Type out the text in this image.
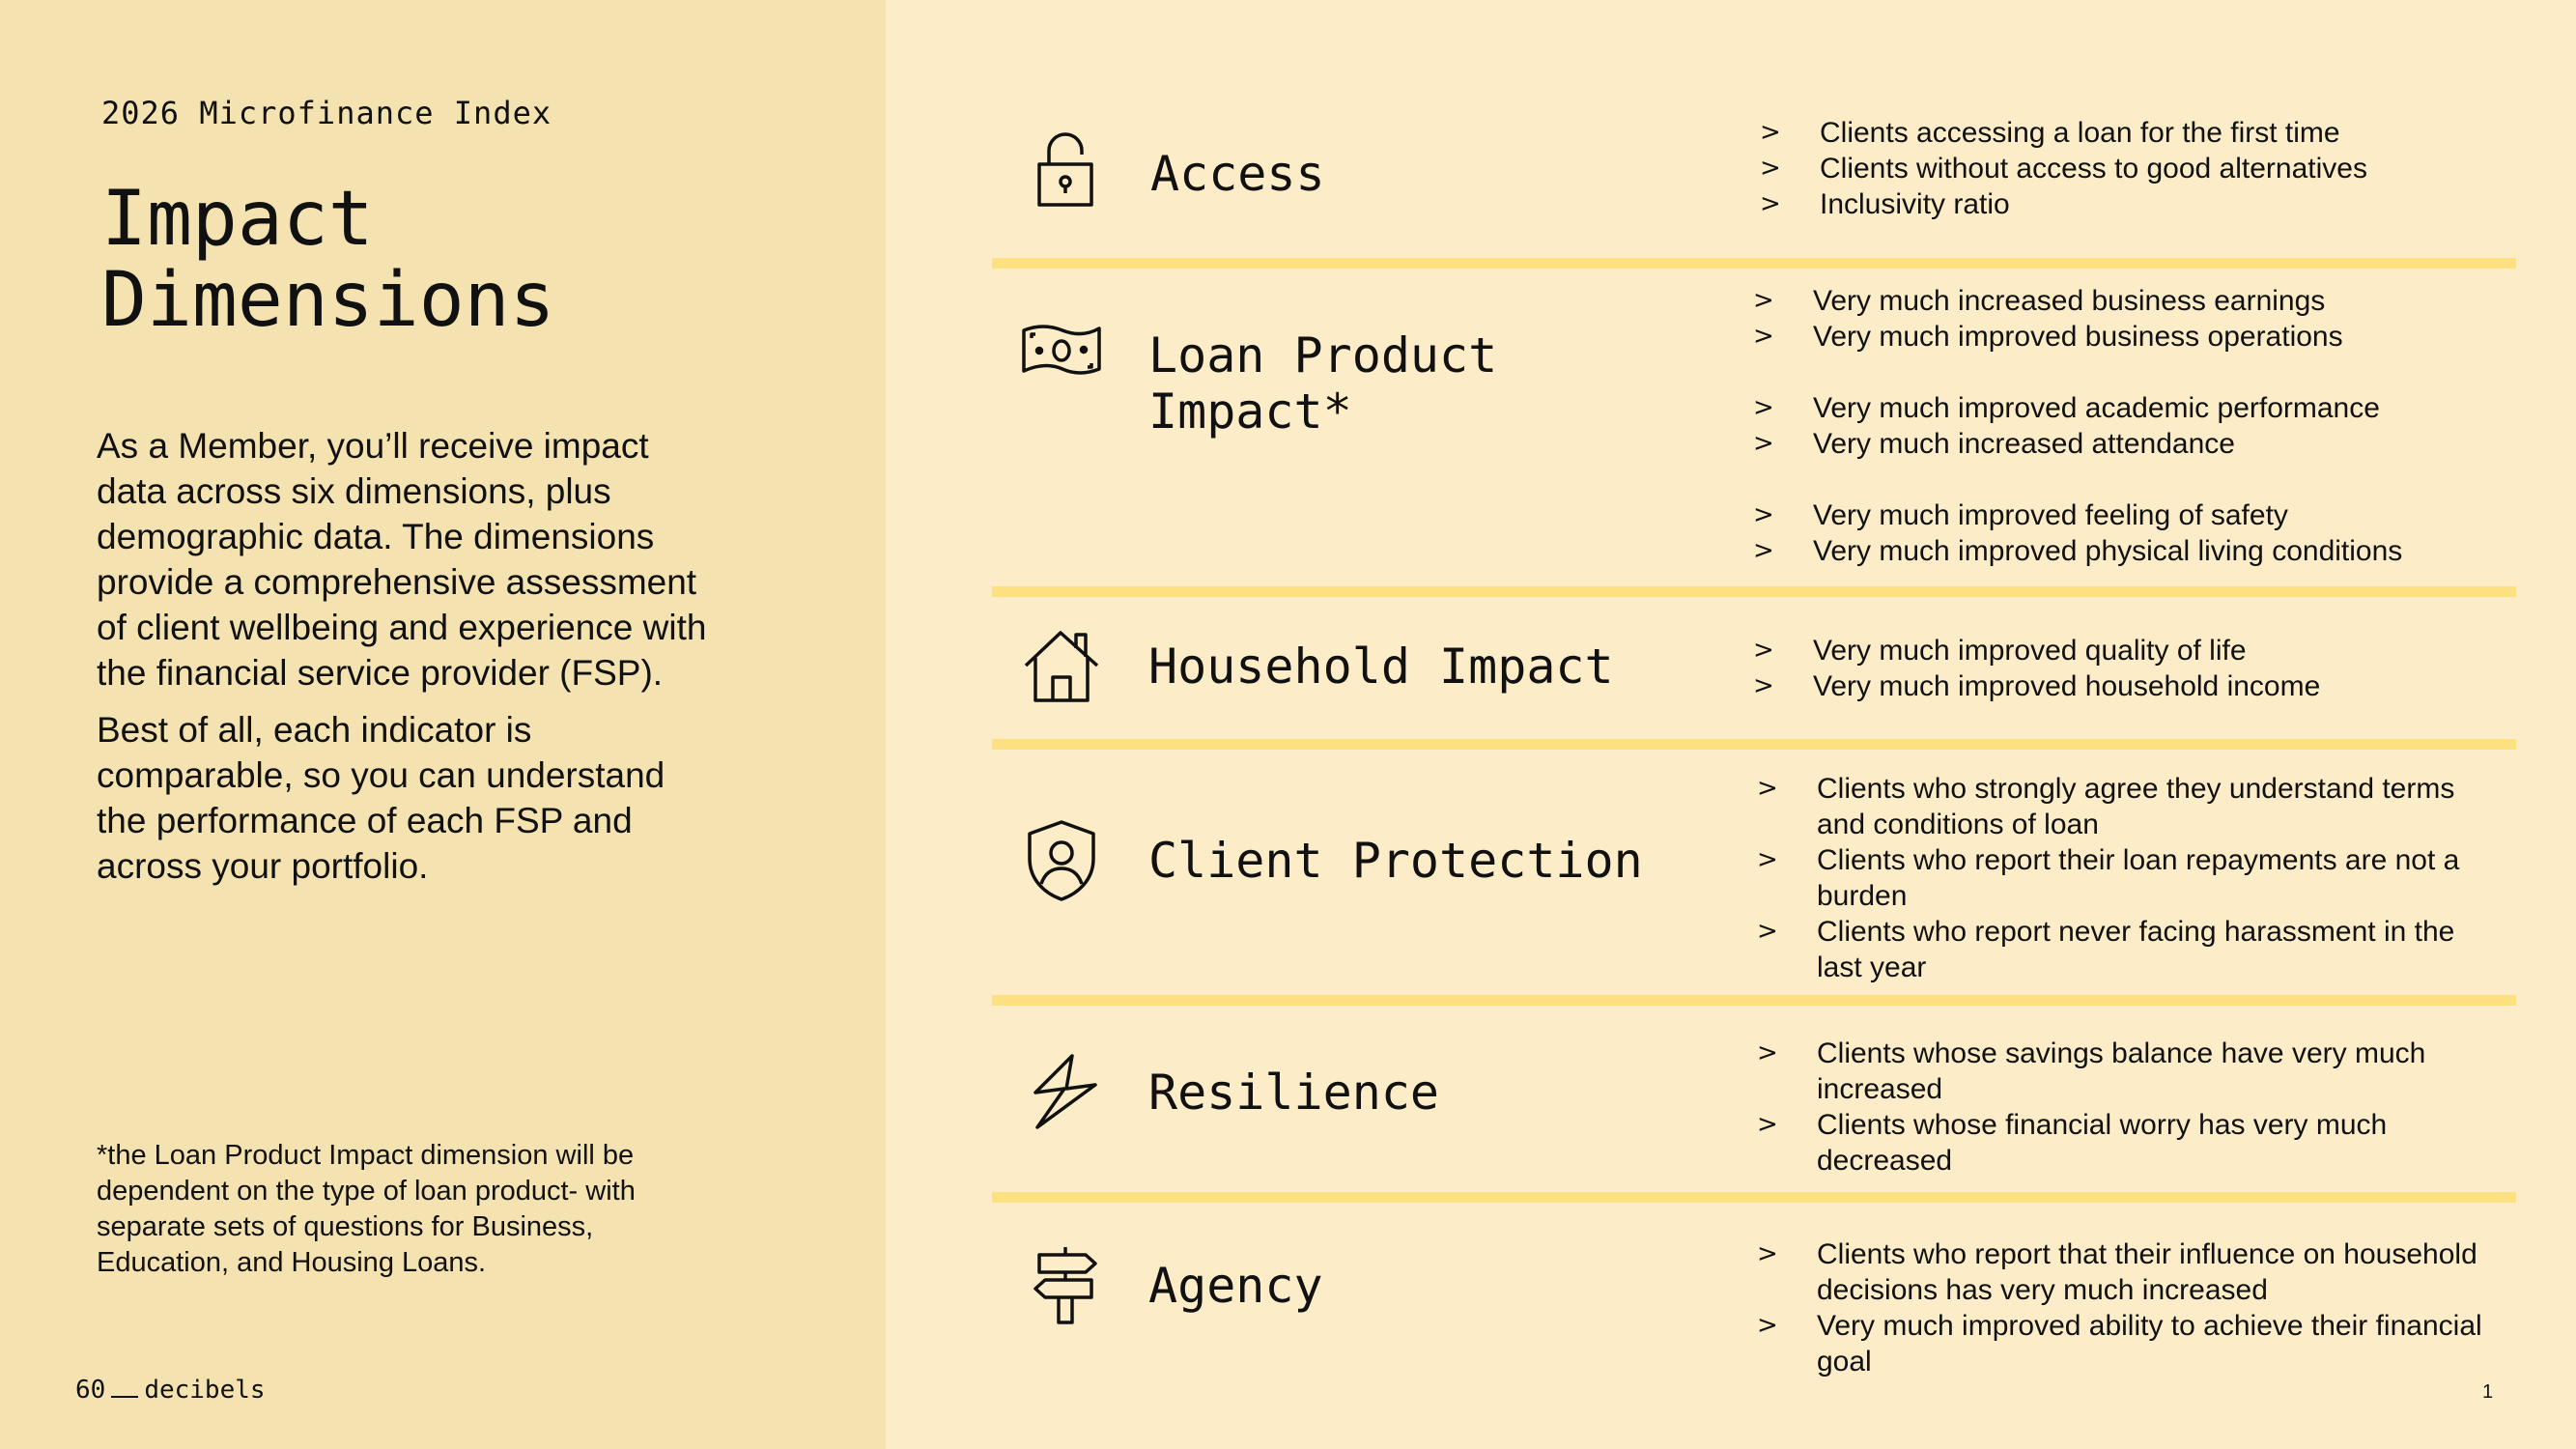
2026 Microfinance Index
Impact
Dimensions

As a Member, you’ll receive impact data across six dimensions, plus demographic data. The dimensions provide a comprehensive assessment of client wellbeing and experience with the financial service provider (FSP).

Best of all, each indicator is comparable, so you can understand the performance of each FSP and across your portfolio.

*the Loan Product Impact dimension will be dependent on the type of loan product- with separate sets of questions for Business, Education, and Housing Loans.
60 decibels	1
Access
> Clients accessing a loan for the first time
> Clients without access to good alternatives
> Inclusivity ratio
Loan Product
Impact*
> Very much increased business earnings
> Very much improved business operations
> Very much improved academic performance
> Very much increased attendance
> Very much improved feeling of safety
> Very much improved physical living conditions
Household Impact
>	Very much improved quality of life
> Very much improved household income
Client Protection
> Clients who strongly agree they understand terms and conditions of loan
> Clients who report their loan repayments are not a burden
> Clients who report never facing harassment in the last year
Resilience
> Clients whose savings balance have very much increased
> Clients whose financial worry has very much decreased
Agency
> Clients who report that their influence on household decisions has very much increased
> Very much improved ability to achieve their financial goal
